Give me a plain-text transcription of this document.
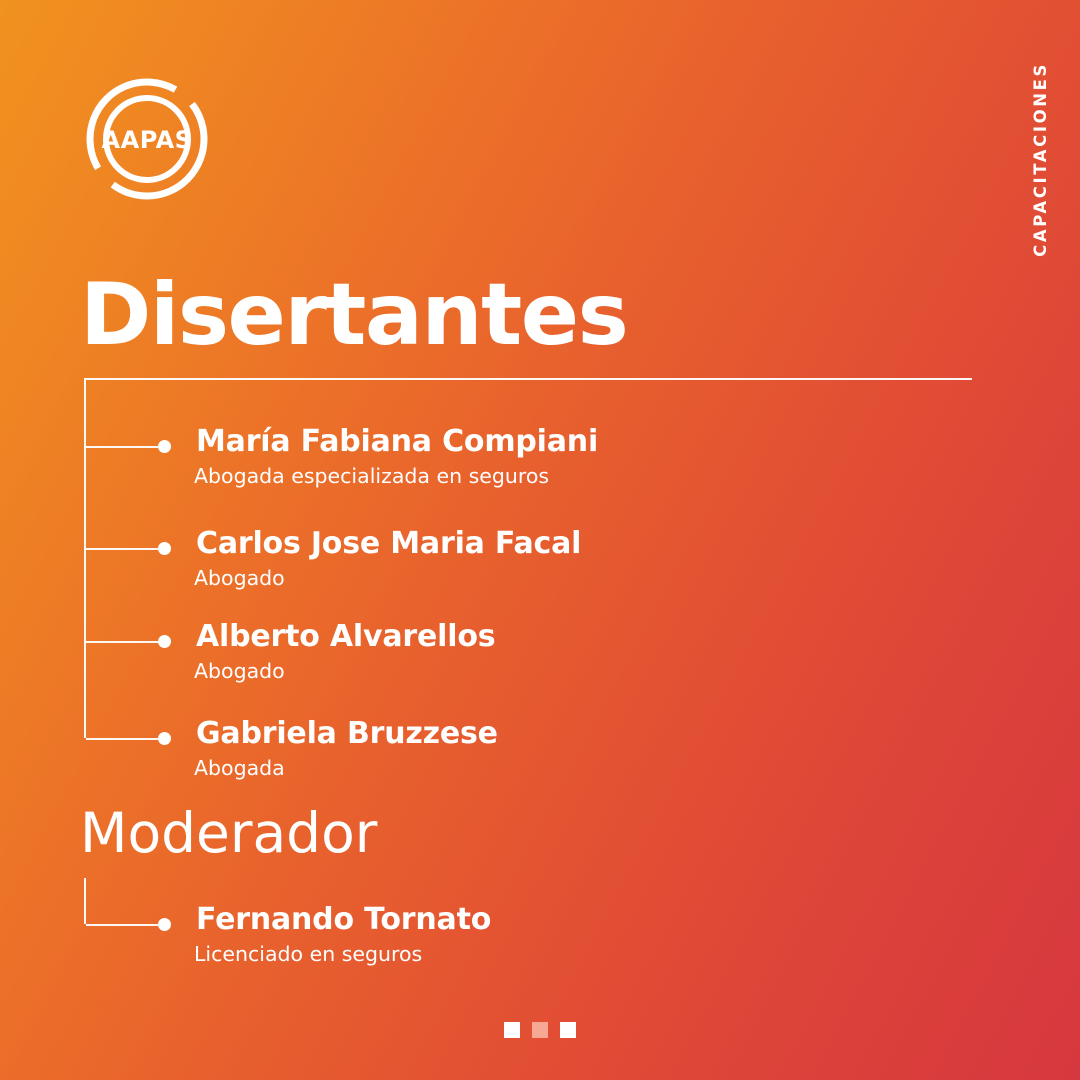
AAPAS	CAPACITACIONES
Disertantes
María Fabiana Compiani
Abogada especializada en seguros
Carlos Jose Maria Facal
Abogado
Alberto Alvarellos
Abogado
Gabriela Bruzzese
Abogada
Moderador
Fernando Tornato
Licenciado en seguros
